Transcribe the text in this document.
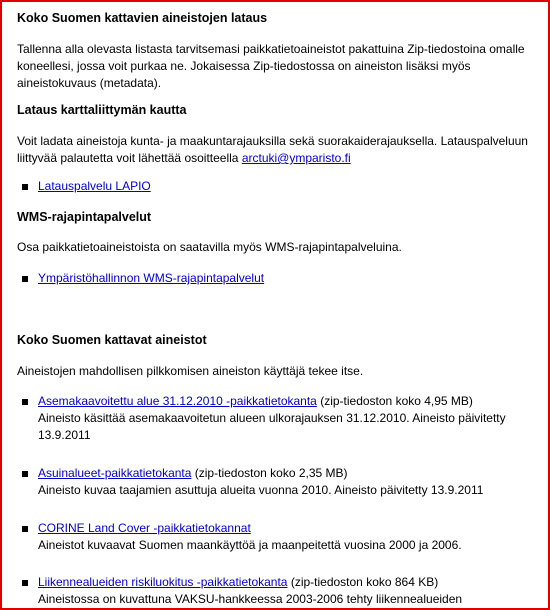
Koko Suomen kattavien aineistojen lataus

Tallenna alla olevasta listasta tarvitsemasi paikkatietoaineistot pakattuina Zip-tiedostoina omalle koneellesi, jossa voit purkaa ne. Jokaisessa Zip-tiedostossa on aineiston lisäksi myös aineistokuvaus (metadata).

Lataus karttaliittymän kautta

Voit ladata aineistoja kunta- ja maakuntarajauksilla sekä suorakaiderajauksella. Latauspalveluun liittyvää palautetta voit lähettää osoitteella arctuki@ymparisto.fi

Latauspalvelu LAPIO
WMS-rajapintapalvelut

Osa paikkatietoaineistoista on saatavilla myös WMS-rajapintapalveluina.

Ympäristöhallinnon WMS-rajapintapalvelut
Koko Suomen kattavat aineistot

Aineistojen mahdollisen pilkkomisen aineiston käyttäjä tekee itse.

Asemakaavoitettu alue 31.12.2010 -paikkatietokanta (zip-tiedoston koko 4,95 MB)
Aineisto käsittää asemakaavoitetun alueen ulkorajauksen 31.12.2010. Aineisto päivitetty 13.9.2011
Asuinalueet-paikkatietokanta (zip-tiedoston koko 2,35 MB)
Aineisto kuvaa taajamien asuttuja alueita vuonna 2010. Aineisto päivitetty 13.9.2011
CORINE Land Cover -paikkatietokannat
Aineistot kuvaavat Suomen maankäyttöä ja maanpeitettä vuosina 2000 ja 2006.
Liikennealueiden riskiluokitus -paikkatietokanta (zip-tiedoston koko 864 KB)
Aineistossa on kuvattuna VAKSU-hankkeessa 2003-2006 tehty liikennealueiden
